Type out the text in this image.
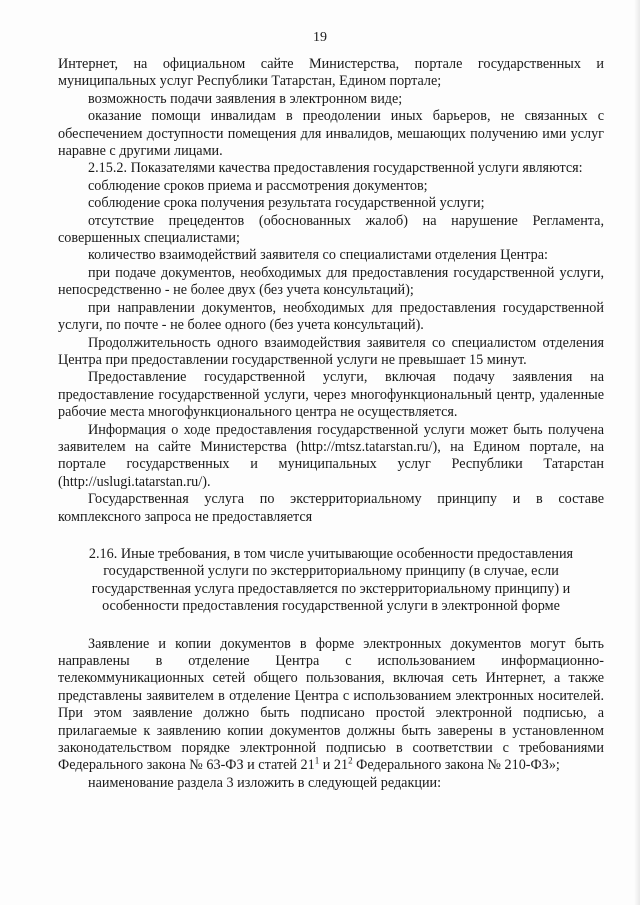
19

Интернет, на официальном сайте Министерства, портале государственных и муниципальных услуг Республики Татарстан, Едином портале;

возможность подачи заявления в электронном виде;

оказание помощи инвалидам в преодолении иных барьеров, не связанных с обеспечением доступности помещения для инвалидов, мешающих получению ими услуг наравне с другими лицами.

2.15.2. Показателями качества предоставления государственной услуги являются:

соблюдение сроков приема и рассмотрения документов;

соблюдение срока получения результата государственной услуги;

отсутствие прецедентов (обоснованных жалоб) на нарушение Регламента, совершенных специалистами;

количество взаимодействий заявителя со специалистами отделения Центра:

при подаче документов, необходимых для предоставления государственной услуги, непосредственно - не более двух (без учета консультаций);

при направлении документов, необходимых для предоставления государственной услуги, по почте - не более одного (без учета консультаций).

Продолжительность одного взаимодействия заявителя со специалистом отделения Центра при предоставлении государственной услуги не превышает 15 минут.

Предоставление государственной услуги, включая подачу заявления на предоставление государственной услуги, через многофункциональный центр, удаленные рабочие места многофункционального центра не осуществляется.

Информация о ходе предоставления государственной услуги может быть получена заявителем на сайте Министерства (http://mtsz.tatarstan.ru/), на Едином портале, на портале государственных и муниципальных услуг Республики Татарстан (http://uslugi.tatarstan.ru/).

Государственная услуга по экстерриториальному принципу и в составе комплексного запроса не предоставляется

2.16. Иные требования, в том числе учитывающие особенности предоставления государственной услуги по экстерриториальному принципу (в случае, если государственная услуга предоставляется по экстерриториальному принципу) и особенности предоставления государственной услуги в электронной форме

Заявление и копии документов в форме электронных документов могут быть направлены в отделение Центра с использованием информационно-телекоммуникационных сетей общего пользования, включая сеть Интернет, а также представлены заявителем в отделение Центра с использованием электронных носителей. При этом заявление должно быть подписано простой электронной подписью, а прилагаемые к заявлению копии документов должны быть заверены в установленном законодательством порядке электронной подписью в соответствии с требованиями Федерального закона № 63-ФЗ и статей $21^1$ и $21^2$ Федерального закона № 210-ФЗ»;

наименование раздела 3 изложить в следующей редакции:
